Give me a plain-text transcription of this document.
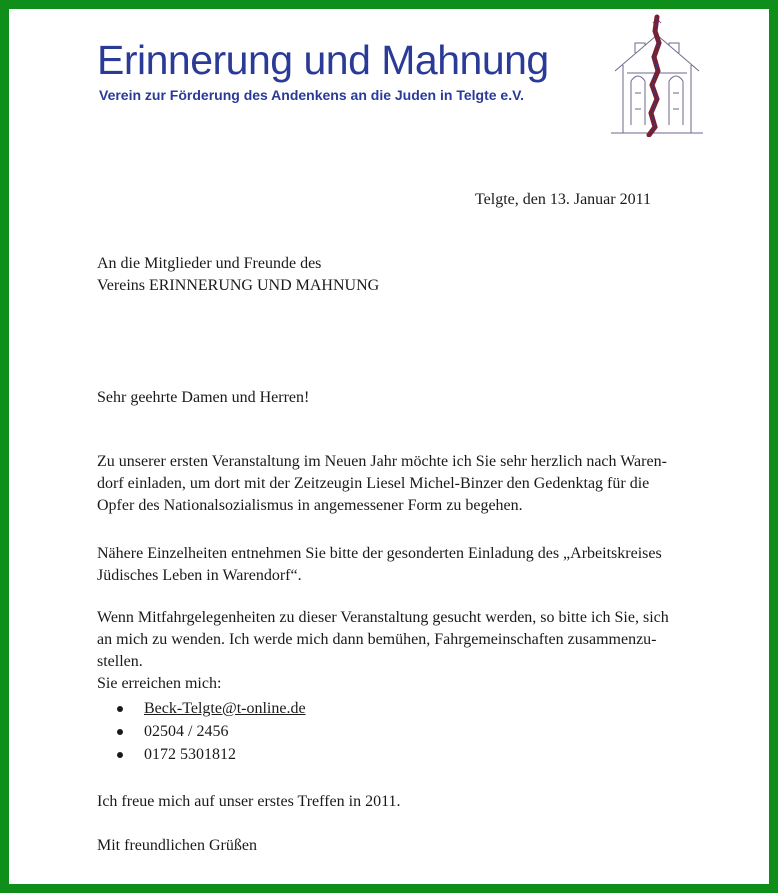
Erinnerung und Mahnung
Verein zur Förderung des Andenkens an die Juden in Telgte e.V.
Telgte, den 13. Januar 2011
An die Mitglieder und Freunde des
Vereins ERINNERUNG UND MAHNUNG
Sehr geehrte Damen und Herren!
Zu unserer ersten Veranstaltung im Neuen Jahr möchte ich Sie sehr herzlich nach Waren-
dorf einladen, um dort mit der Zeitzeugin Liesel Michel-Binzer den Gedenktag für die
Opfer des Nationalsozialismus in angemessener Form zu begehen.
Nähere Einzelheiten entnehmen Sie bitte der gesonderten Einladung des „Arbeitskreises
Jüdisches Leben in Warendorf“.
Wenn Mitfahrgelegenheiten zu dieser Veranstaltung gesucht werden, so bitte ich Sie, sich
an mich zu wenden. Ich werde mich dann bemühen, Fahrgemeinschaften zusammenzu-
stellen.
Sie erreichen mich:
Beck-Telgte@t-online.de
02504 / 2456
0172 5301812
Ich freue mich auf unser erstes Treffen in 2011.
Mit freundlichen Grüßen
